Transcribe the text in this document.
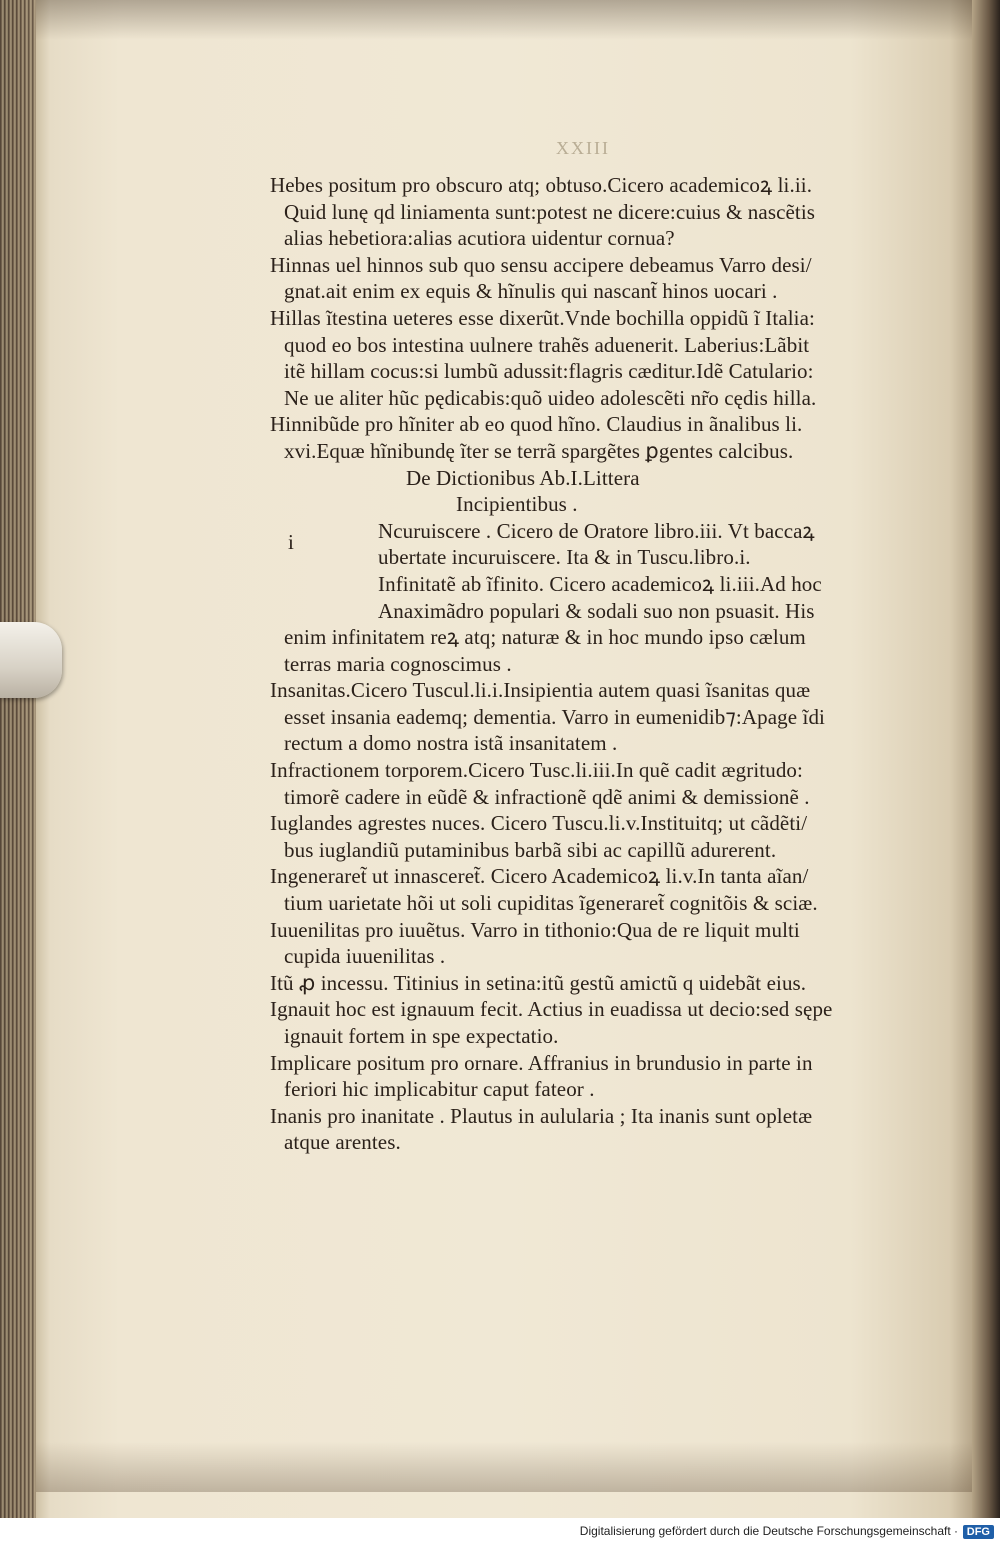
XXIII
i
Hebes positum pro obscuro atq; obtuso.Cicero academicoꝝ li.ii.
Quid lunę qd liniamenta sunt:potest ne dicere:cuius & nascẽtis
alias hebetiora:alias acutiora uidentur cornua?
Hinnas uel hinnos sub quo sensu accipere debeamus Varro desi/
gnat.ait enim ex equis & hĩnulis qui nascant̃ hinos uocari .
Hillas ĩtestina ueteres esse dixerũt.Vnde bochilla oppidũ ĩ Italia:
quod eo bos intestina uulnere trahẽs aduenerit. Laberius:Lãbit
itẽ hillam cocus:si lumbũ adussit:flagris cæditur.Idẽ Catulario:
Ne ue aliter hũc pędicabis:quõ uideo adolescẽti nr̃o cędis hilla.
Hinnibũde pro hĩniter ab eo quod hĩno. Claudius in ãnalibus li.
xvi.Equæ hĩnibundę ĩter se terrã spargẽtes ꝑgentes calcibus.
De Dictionibus Ab.I.Littera
Incipientibus .
Ncuruiscere . Cicero de Oratore libro.iii. Vt baccaꝝ
ubertate incuruiscere. Ita & in Tuscu.libro.i.
Infinitatẽ ab ĩfinito. Cicero academicoꝝ li.iii.Ad hoc
Anaximãdro populari & sodali suo non psuasit. His
enim infinitatem reꝝ atq; naturæ & in hoc mundo ipso cælum
terras maria cognoscimus .
Insanitas.Cicero Tuscul.li.i.Insipientia autem quasi ĩsanitas quæ
esset insania eademq; dementia. Varro in eumenidib⁊:Apage ĩdi
rectum a domo nostra istã insanitatem .
Infractionem torporem.Cicero Tusc.li.iii.In quẽ cadit ægritudo:
timorẽ cadere in eũdẽ & infractionẽ qdẽ animi & demissionẽ .
Iuglandes agrestes nuces. Cicero Tuscu.li.v.Instituitq; ut cãdẽti/
bus iuglandiũ putaminibus barbã sibi ac capillũ adurerent.
Ingeneraret̃ ut innasceret̃. Cicero Academicoꝝ li.v.In tanta aĩan/
tium uarietate hõi ut soli cupiditas ĩgeneraret̃ cognitõis & sciæ.
Iuuenilitas pro iuuẽtus. Varro in tithonio:Qua de re liquit multi
cupida iuuenilitas .
Itũ ꝓ incessu. Titinius in setina:itũ gestũ amictũ q uidebãt eius.
Ignauit hoc est ignauum fecit. Actius in euadissa ut decio:sed sępe
ignauit fortem in spe expectatio.
Implicare positum pro ornare. Affranius in brundusio in parte in
feriori hic implicabitur caput fateor .
Inanis pro inanitate . Plautus in aulularia ; Ita inanis sunt opletæ
atque arentes.
Digitalisierung gefördert durch die Deutsche Forschungsgemeinschaft · DFG
